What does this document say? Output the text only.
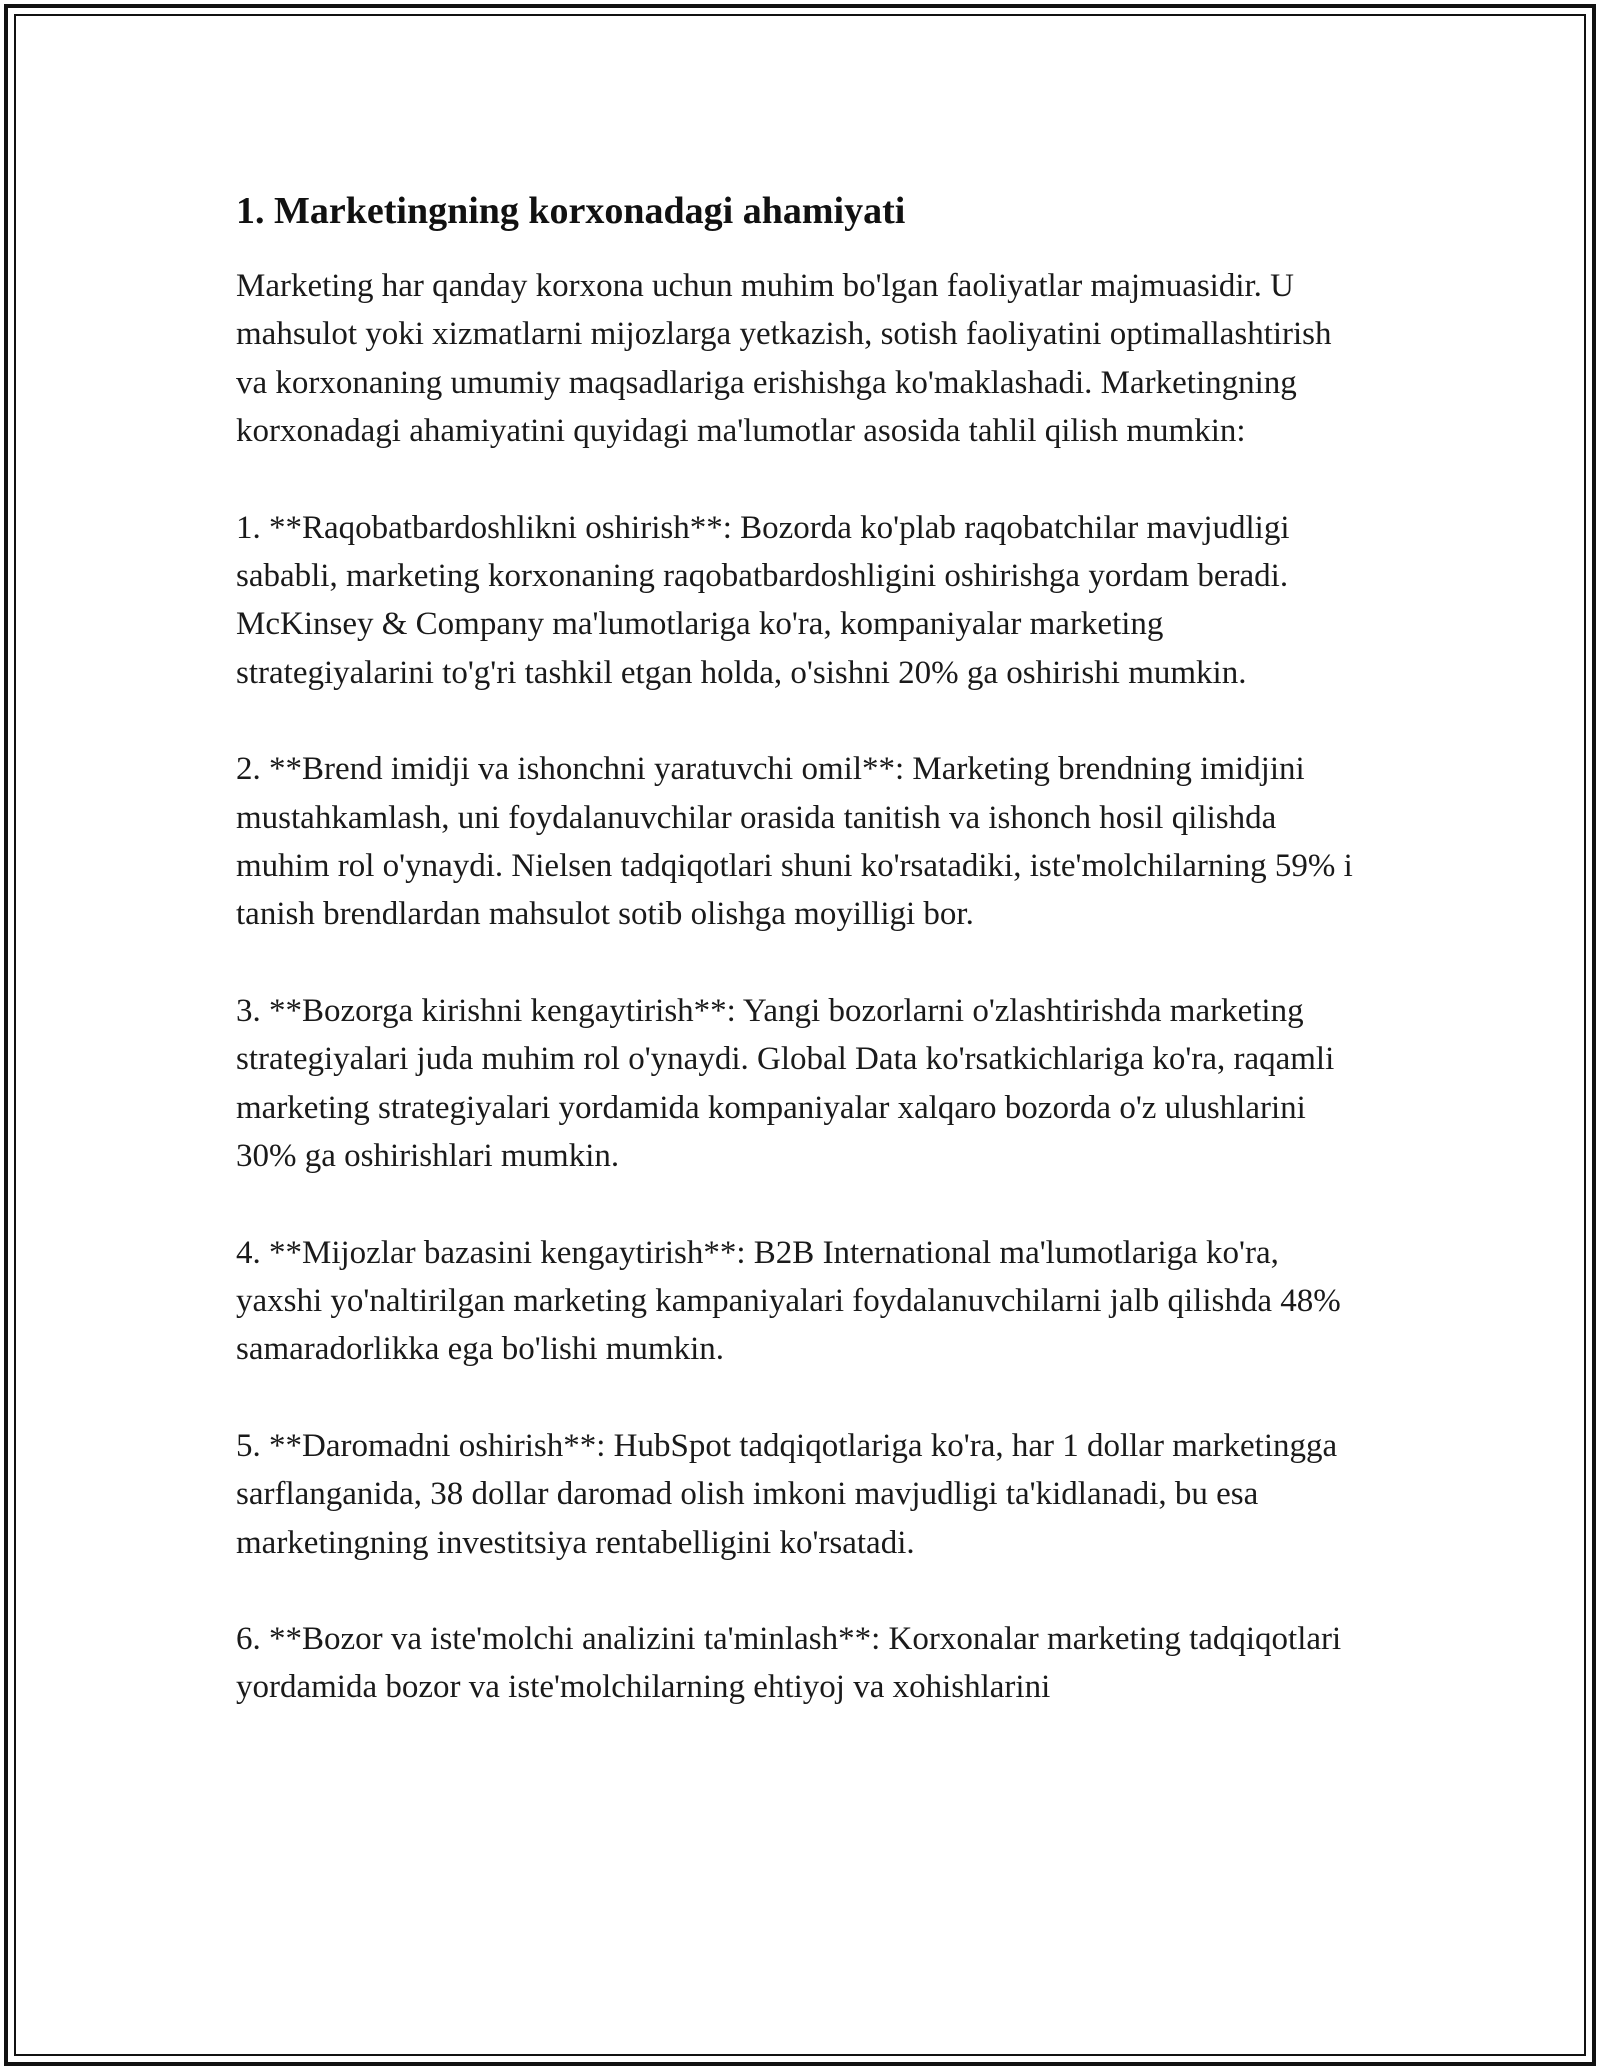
1. Marketingning korxonadagi ahamiyati

Marketing har qanday korxona uchun muhim bo'lgan faoliyatlar majmuasidir. U mahsulot yoki xizmatlarni mijozlarga yetkazish, sotish faoliyatini optimallashtirish va korxonaning umumiy maqsadlariga erishishga ko'maklashadi. Marketingning korxonadagi ahamiyatini quyidagi ma'lumotlar asosida tahlil qilish mumkin:

1. **Raqobatbardoshlikni oshirish**: Bozorda ko'plab raqobatchilar mavjudligi sababli, marketing korxonaning raqobatbardoshligini oshirishga yordam beradi. McKinsey & Company ma'lumotlariga ko'ra, kompaniyalar marketing strategiyalarini to'g'ri tashkil etgan holda, o'sishni 20% ga oshirishi mumkin.

2. **Brend imidji va ishonchni yaratuvchi omil**: Marketing brendning imidjini mustahkamlash, uni foydalanuvchilar orasida tanitish va ishonch hosil qilishda muhim rol o'ynaydi. Nielsen tadqiqotlari shuni ko'rsatadiki, iste'molchilarning 59% i tanish brendlardan mahsulot sotib olishga moyilligi bor.

3. **Bozorga kirishni kengaytirish**: Yangi bozorlarni o'zlashtirishda marketing strategiyalari juda muhim rol o'ynaydi. Global Data ko'rsatkichlariga ko'ra, raqamli marketing strategiyalari yordamida kompaniyalar xalqaro bozorda o'z ulushlarini 30% ga oshirishlari mumkin.

4. **Mijozlar bazasini kengaytirish**: B2B International ma'lumotlariga ko'ra, yaxshi yo'naltirilgan marketing kampaniyalari foydalanuvchilarni jalb qilishda 48% samaradorlikka ega bo'lishi mumkin.

5. **Daromadni oshirish**: HubSpot tadqiqotlariga ko'ra, har 1 dollar marketingga sarflanganida, 38 dollar daromad olish imkoni mavjudligi ta'kidlanadi, bu esa marketingning investitsiya rentabelligini ko'rsatadi.

6. **Bozor va iste'molchi analizini ta'minlash**: Korxonalar marketing tadqiqotlari yordamida bozor va iste'molchilarning ehtiyoj va xohishlarini
